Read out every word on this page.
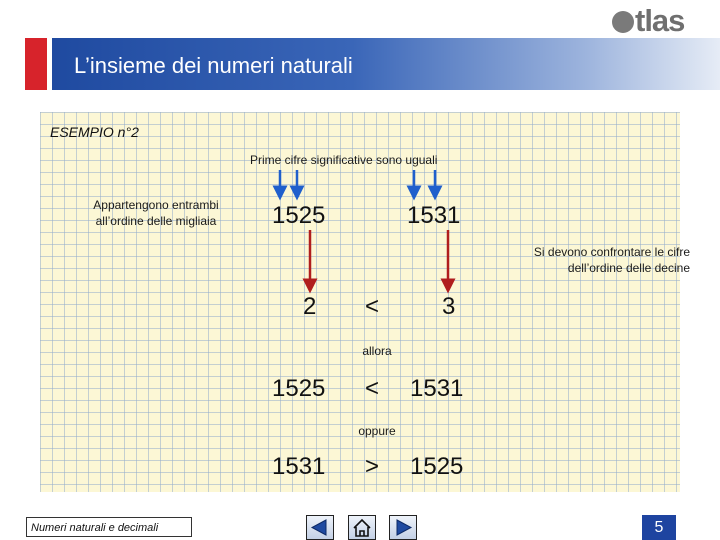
tlas
L’insieme dei numeri naturali
ESEMPIO n°2
Prime cifre significative sono uguali
Appartengono entrambi
all’ordine delle migliaia	1525	1531
Si devono confrontare le cifre
dell’ordine delle decine
2 <	3
allora
1525 < 1531
oppure
1531 > 1525
Numeri naturali e decimali	5
